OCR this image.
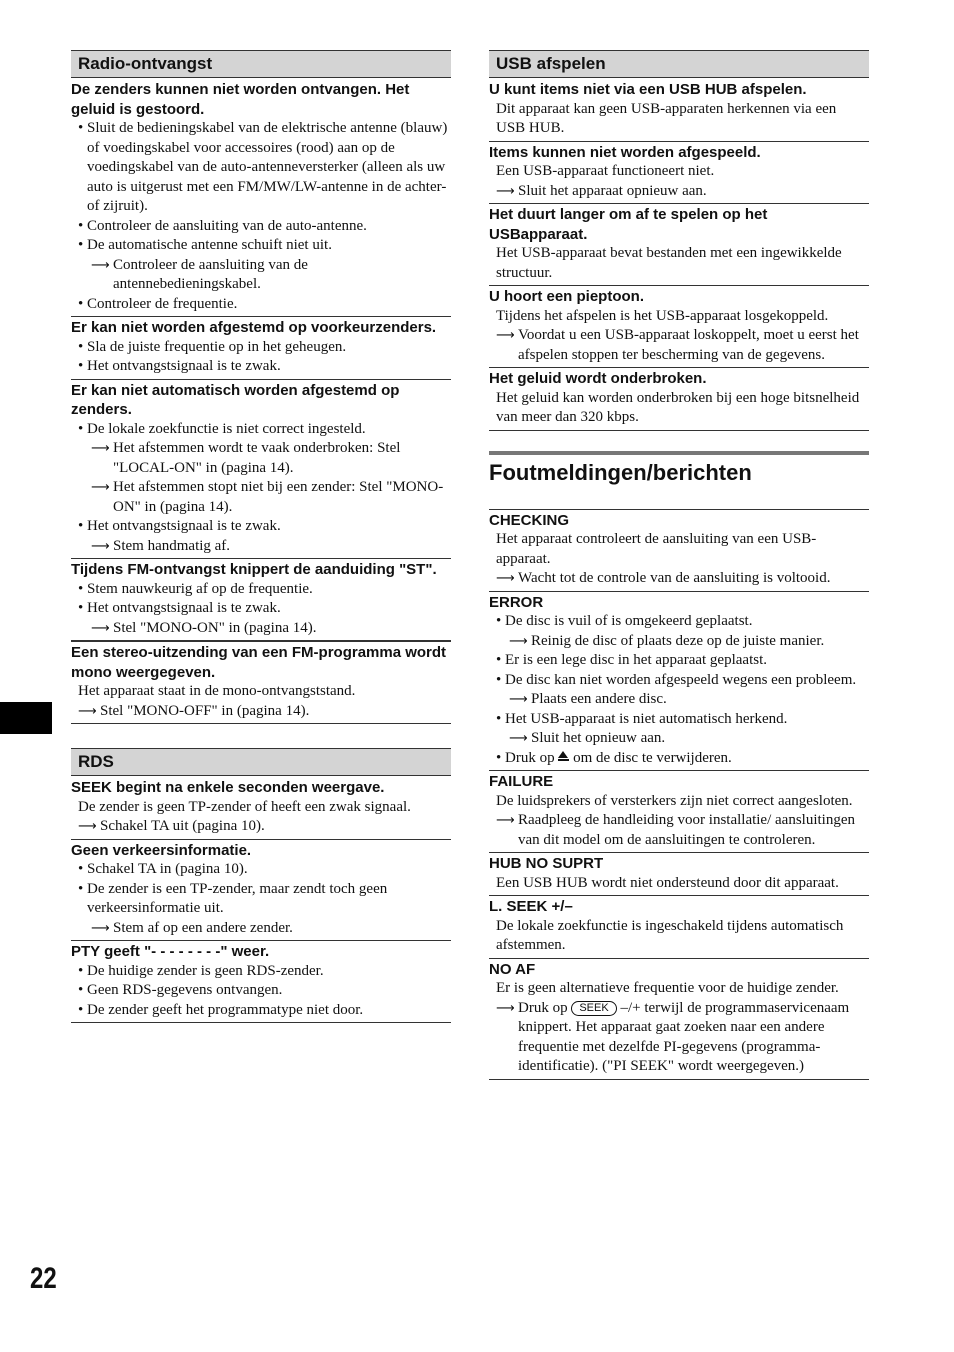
Radio-ontvangst
De zenders kunnen niet worden ontvangen. Het geluid is gestoord.
• Sluit de bedieningskabel van de elektrische antenne (blauw) of voedingskabel voor accessoires (rood) aan op de voedingskabel van de auto-antenneversterker (alleen als uw auto is uitgerust met een FM/MW/LW-antenne in de achter- of zijruit).
• Controleer de aansluiting van de auto-antenne.
• De automatische antenne schuift niet uit.
⟶ Controleer de aansluiting van de antennebedieningskabel.
• Controleer de frequentie.
Er kan niet worden afgestemd op voorkeurzenders.
• Sla de juiste frequentie op in het geheugen.
• Het ontvangstsignaal is te zwak.
Er kan niet automatisch worden afgestemd op zenders.
• De lokale zoekfunctie is niet correct ingesteld.
⟶ Het afstemmen wordt te vaak onderbroken: Stel "LOCAL-ON" in (pagina 14).
⟶ Het afstemmen stopt niet bij een zender: Stel "MONO-ON" in (pagina 14).
• Het ontvangstsignaal is te zwak.
⟶ Stem handmatig af.
Tijdens FM-ontvangst knippert de aanduiding "ST".
• Stem nauwkeurig af op de frequentie.
• Het ontvangstsignaal is te zwak.
⟶ Stel "MONO-ON" in (pagina 14).
Een stereo-uitzending van een FM-programma wordt mono weergegeven.
Het apparaat staat in de mono-ontvangststand.
⟶ Stel "MONO-OFF" in (pagina 14).
RDS
SEEK begint na enkele seconden weergave.
De zender is geen TP-zender of heeft een zwak signaal.
⟶ Schakel TA uit (pagina 10).
Geen verkeersinformatie.
• Schakel TA in (pagina 10).
• De zender is een TP-zender, maar zendt toch geen verkeersinformatie uit.
⟶ Stem af op een andere zender.
PTY geeft "- - - - - - - -" weer.
• De huidige zender is geen RDS-zender.
• Geen RDS-gegevens ontvangen.
• De zender geeft het programmatype niet door.
USB afspelen
U kunt items niet via een USB HUB afspelen.
Dit apparaat kan geen USB-apparaten herkennen via een USB HUB.
Items kunnen niet worden afgespeeld.
Een USB-apparaat functioneert niet.
⟶ Sluit het apparaat opnieuw aan.
Het duurt langer om af te spelen op het USBapparaat.
Het USB-apparaat bevat bestanden met een ingewikkelde structuur.
U hoort een pieptoon.
Tijdens het afspelen is het USB-apparaat losgekoppeld.
⟶ Voordat u een USB-apparaat loskoppelt, moet u eerst het afspelen stoppen ter bescherming van de gegevens.
Het geluid wordt onderbroken.
Het geluid kan worden onderbroken bij een hoge bitsnelheid van meer dan 320 kbps.
Foutmeldingen/berichten
CHECKING
Het apparaat controleert de aansluiting van een USB-apparaat.
⟶ Wacht tot de controle van de aansluiting is voltooid.
ERROR
• De disc is vuil of is omgekeerd geplaatst.
⟶ Reinig de disc of plaats deze op de juiste manier.
• Er is een lege disc in het apparaat geplaatst.
• De disc kan niet worden afgespeeld wegens een probleem.
⟶ Plaats een andere disc.
• Het USB-apparaat is niet automatisch herkend.
⟶ Sluit het opnieuw aan.
• Druk op om de disc te verwijderen.
FAILURE
De luidsprekers of versterkers zijn niet correct aangesloten.
⟶ Raadpleeg de handleiding voor installatie/ aansluitingen van dit model om de aansluitingen te controleren.
HUB NO SUPRT
Een USB HUB wordt niet ondersteund door dit apparaat.
L. SEEK +/–
De lokale zoekfunctie is ingeschakeld tijdens automatisch afstemmen.
NO AF
Er is geen alternatieve frequentie voor de huidige zender.
⟶ Druk op SEEK –/+ terwijl de programmaservicenaam knippert. Het apparaat gaat zoeken naar een andere frequentie met dezelfde PI-gegevens (programma-identificatie). ("PI SEEK" wordt weergegeven.)
22
